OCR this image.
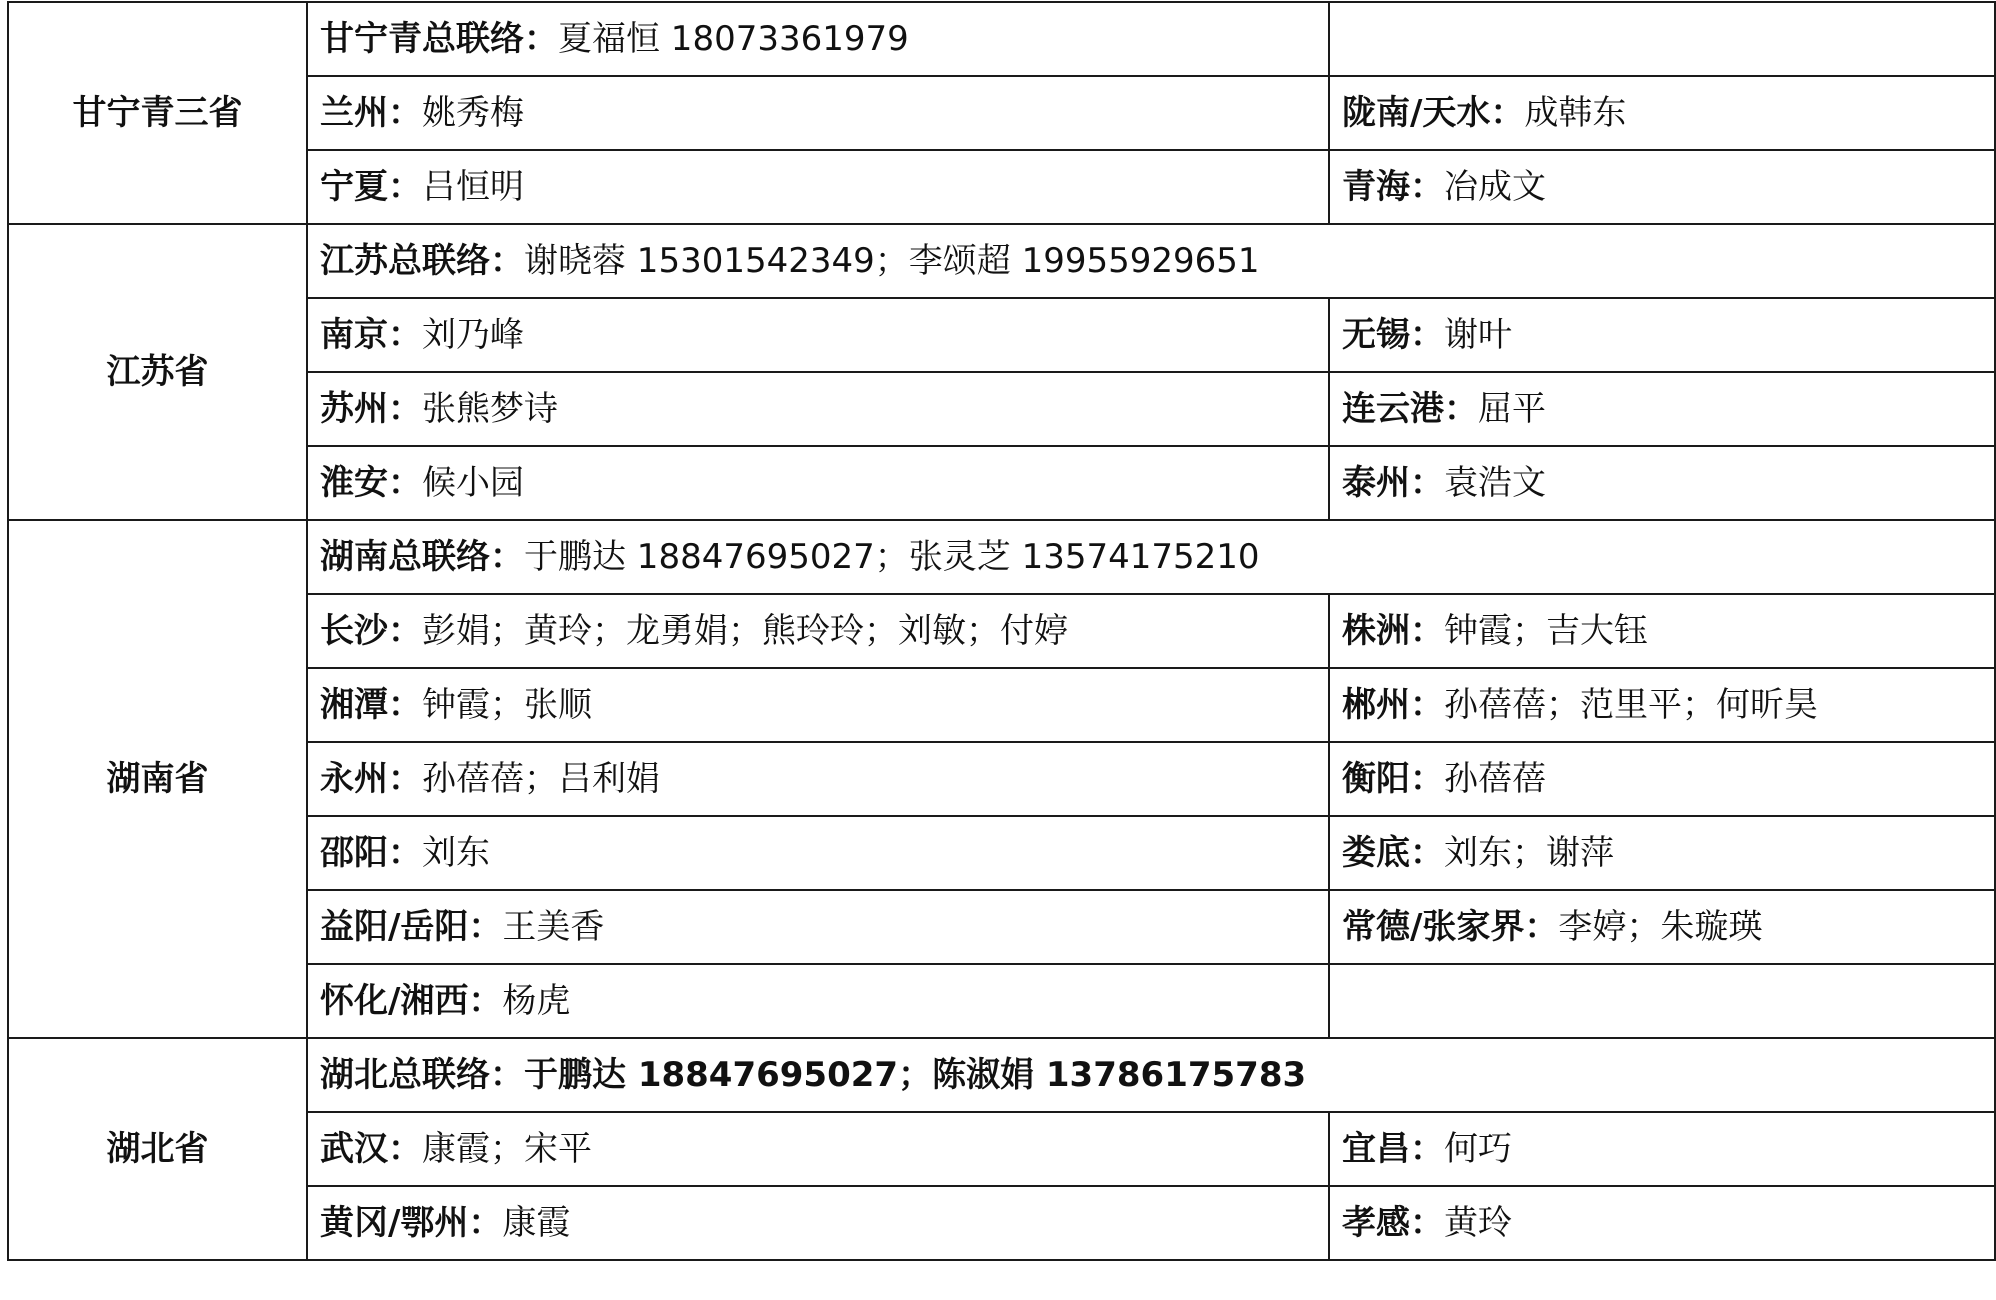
甘宁青三省	甘宁青总联络：夏福恒 18073361979	
	兰州：姚秀梅	陇南/天水：成韩东
	宁夏：吕恒明	青海：冶成文
江苏省	江苏总联络：谢晓蓉 15301542349；李颂超 19955929651	
	南京：刘乃峰	无锡：谢叶
	苏州：张熊梦诗	连云港：屈平
	淮安：候小园	泰州：袁浩文
湖南省	湖南总联络：于鹏达 18847695027；张灵芝 13574175210	
	长沙：彭娟；黄玲；龙勇娟；熊玲玲；刘敏；付婷	株洲：钟霞；吉大钰
	湘潭：钟霞；张顺	郴州：孙蓓蓓；范里平；何昕昊
	永州：孙蓓蓓；吕利娟	衡阳：孙蓓蓓
	邵阳：刘东	娄底：刘东；谢萍
	益阳/岳阳：王美香	常德/张家界：李婷；朱璇瑛
	怀化/湘西：杨虎	
湖北省	湖北总联络：于鹏达 18847695027；陈淑娟 13786175783	
	武汉：康霞；宋平	宜昌：何巧
	黄冈/鄂州：康霞	孝感：黄玲
